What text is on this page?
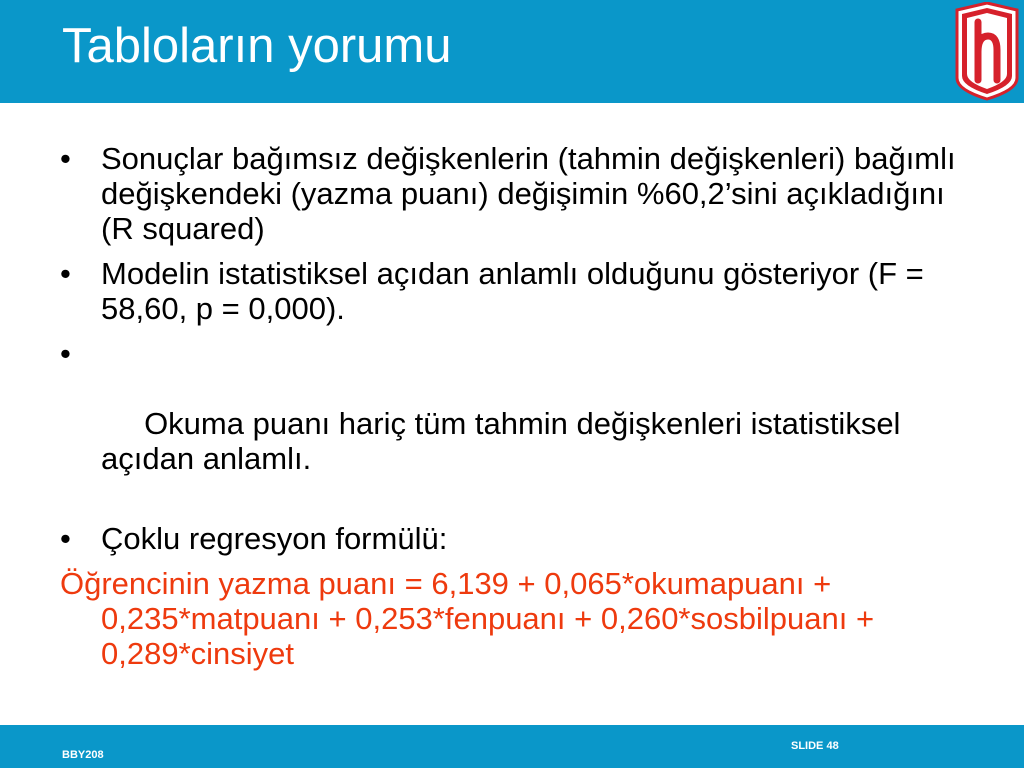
Tabloların yorumu
• Sonuçlar bağımsız değişkenlerin (tahmin değişkenleri) bağımlı değişkendeki (yazma puanı) değişimin %60,2’sini açıkladığını (R squared)
• Modelin istatistiksel açıdan anlamlı olduğunu gösteriyor (F = 58,60, p = 0,000).

•

Okuma puanı hariç tüm tahmin değişkenleri istatistiksel açıdan anlamlı.

• Çoklu regresyon formülü:
Öğrencinin yazma puanı = 6,139 + 0,065*okumapuanı + 0,235*matpuanı + 0,253*fenpuanı + 0,260*sosbilpuanı + 0,289*cinsiyet
BBY208
SLIDE 48
